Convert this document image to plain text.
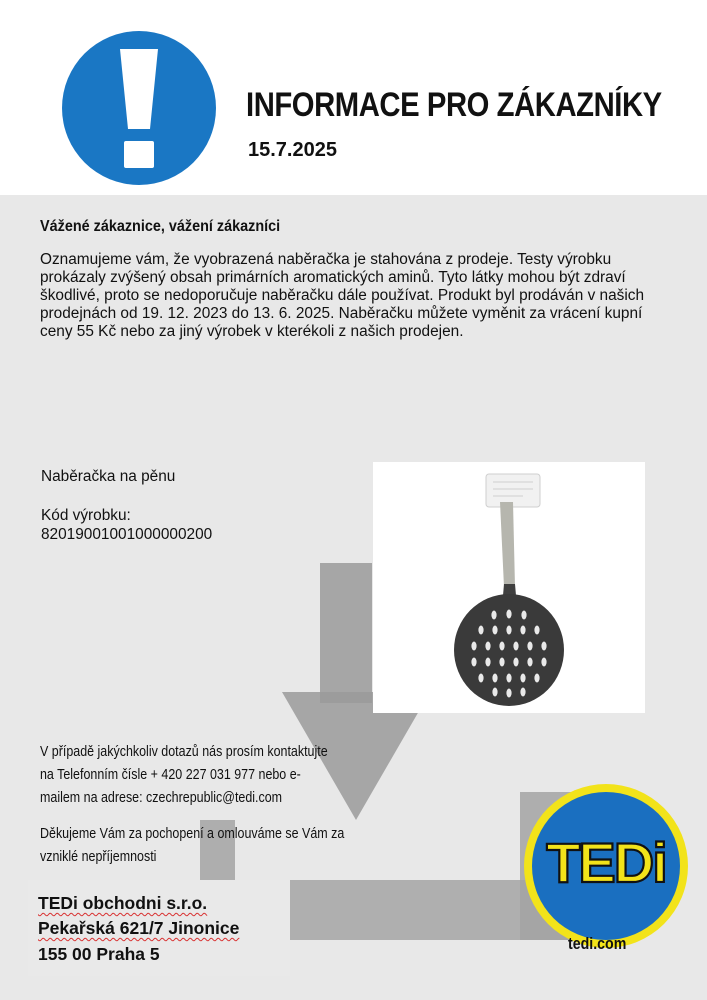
INFORMACE PRO ZÁKAZNÍKY
15.7.2025
Vážené zákaznice, vážení zákazníci

Oznamujeme vám, že vyobrazená naběračka je stahována z prodeje. Testy výrobku prokázaly zvýšený obsah primárních aromatických aminů. Tyto látky mohou být zdraví škodlivé, proto se nedoporučuje naběračku dále používat. Produkt byl prodáván v našich prodejnách od 19. 12. 2023 do 13. 6. 2025. Naběračku můžete vyměnit za vrácení kupní ceny 55 Kč nebo za jiný výrobek v kterékoli z našich prodejen.

Naběračka na pěnu
Kód výrobku:
82019001001000000200

V případě jakýchkoliv dotazů nás prosím kontaktujte na Telefonním čísle + 420 227 031 977 nebo e-mailem na adrese: czechrepublic@tedi.com

Děkujeme Vám za pochopení a omlouváme se Vám za vzniklé nepříjemnosti

TEDi obchodni s.r.o.
Pekařská 621/7 Jinonice
155 00 Praha 5
TEDi
tedi.com
